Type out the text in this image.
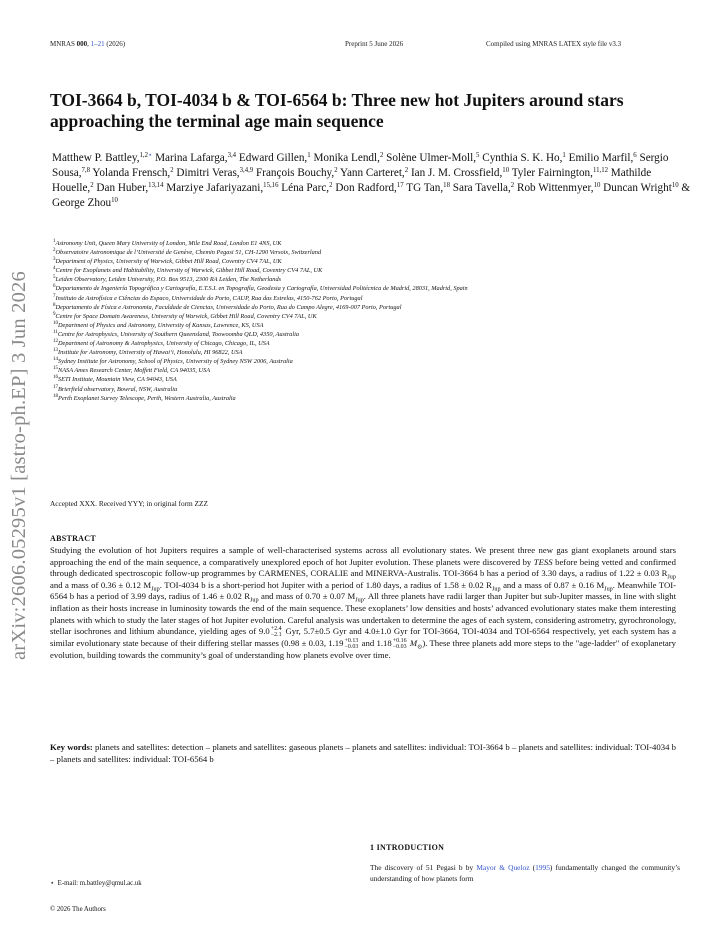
MNRAS 000, 1–21 (2026)	Preprint 5 June 2026	Compiled using MNRAS LATEX style file v3.3
TOI-3664 b, TOI-4034 b & TOI-6564 b: Three new hot Jupiters around stars approaching the terminal age main sequence
Matthew P. Battley,$^{1,2⋆}$ Marina Lafarga,$^{3,4}$ Edward Gillen,$^1$ Monika Lendl,$^2$ Solène Ulmer-Moll,$^5$ Cynthia S. K. Ho,$^1$ Emilio Marfil,$^6$ Sergio Sousa,$^{7,8}$ Yolanda Frensch,$^2$ Dimitri Veras,$^{3,4,9}$ François Bouchy,$^2$ Yann Carteret,$^2$ Ian J. M. Crossfield,$^{10}$ Tyler Fairnington,$^{11,12}$ Mathilde Houelle,$^2$ Dan Huber,$^{13,14}$ Marziye Jafariyazani,$^{15,16}$ Léna Parc,$^2$ Don Radford,$^{17}$ TG Tan,$^{18}$ Sara Tavella,$^2$ Rob Wittenmyer,$^{10}$ Duncan Wright$^{10}$ & George Zhou$^{10}$
$^1$Astronomy Unit, Queen Mary University of London, Mile End Road, London E1 4NS, UK
$^2$Observatoire Astronomique de l’Université de Genève, Chemin Pegasi 51, CH-1290 Versoix, Switzerland
$^3$Department of Physics, University of Warwick, Gibbet Hill Road, Coventry CV4 7AL, UK
$^4$Centre for Exoplanets and Habitability, University of Warwick, Gibbet Hill Road, Coventry CV4 7AL, UK
$^5$Leiden Observatory, Leiden University, P.O. Box 9513, 2300 RA Leiden, The Netherlands
$^6$Departamento de Ingeniería Topográfica y Cartografía, E.T.S.I. en Topografía, Geodesia y Cartografía, Universidad Politécnica de Madrid, 28031, Madrid, Spain
$^7$Instituto de Astrofísica e Ciências do Espaco, Universidade do Porto, CAUP, Rua das Estrelas, 4150-762 Porto, Portugal
$^8$Departamento de Física e Astronomia, Faculdade de Ciencias, Universidade do Porto, Rua do Campo Alegre, 4169-007 Porto, Portugal
$^9$Centre for Space Domain Awareness, University of Warwick, Gibbet Hill Road, Coventry CV4 7AL, UK
$^{10}$Department of Physics and Astronomy, University of Kansas, Lawrence, KS, USA
$^{11}$Centre for Astrophysics, University of Southern Queensland, Toowoomba QLD, 4350, Australia
$^{12}$Department of Astronomy & Astrophysics, University of Chicago, Chicago, IL, USA
$^{13}$Institute for Astronomy, University of Hawai‘i, Honolulu, HI 96822, USA
$^{14}$Sydney Institute for Astronomy, School of Physics, University of Sydney NSW 2006, Australia
$^{15}$NASA Ames Research Center, Moffett Field, CA 94035, USA
$^{16}$SETI Institute, Mountain View, CA 94043, USA
$^{17}$Brierfield observatory, Bowral, NSW, Australia
$^{18}$Perth Exoplanet Survey Telescope, Perth, Western Australia, Australia
arXiv:2606.05295v1 [astro-ph.EP] 3 Jun 2026	Accepted XXX. Received YYY; in original form ZZZ
ABSTRACT
Studying the evolution of hot Jupiters requires a sample of well-characterised systems across all evolutionary states. We present three new gas giant exoplanets around stars approaching the end of the main sequence, a comparatively unexplored epoch of hot Jupiter evolution. These planets were discovered by TESS before being vetted and confirmed through dedicated spectroscopic follow-up programmes by CARMENES, CORALIE and MINERVA-Australis. TOI-3664 b has a period of 3.30 days, a radius of 1.22 ± 0.03 $R_{Jup}$ and a mass of 0.36 ± 0.12 $M_{Jup}$. TOI-4034 b is a short-period hot Jupiter with a period of 1.80 days, a radius of 1.58 ± 0.02 $R_{Jup}$ and a mass of 0.87 ± 0.16 $M_{Jup}$. Meanwhile TOI-6564 b has a period of 3.99 days, radius of 1.46 ± 0.02 $R_{Jup}$ and mass of 0.70 ± 0.07 $M_{Jup}$. All three planets have radii larger than Jupiter but sub-Jupiter masses, in line with slight inflation as their hosts increase in luminosity towards the end of the main sequence. These exoplanets’ low densities and hosts’ advanced evolutionary states make them interesting planets with which to study the later stages of hot Jupiter evolution. Careful analysis was undertaken to determine the ages of each system, considering astrometry, gyrochronology, stellar isochrones and lithium abundance, yielding ages of 9.0 +2.4
−2.1 Gyr, 5.7±0.5 Gyr and 4.0±1.0 Gyr for TOI-3664, TOI-4034 and TOI-6564 respectively, yet each system has a similar evolutionary state because of their differing stellar masses (0.98 ± 0.03, 1.19 +0.13
−0.03 and 1.18 +0.16
−0.03 $M_⊙$). These three planets add more steps to the "age-ladder" of exoplanetary evolution, building towards the community’s goal of understanding how planets evolve over time.
Key words: planets and satellites: detection – planets and satellites: gaseous planets – planets and satellites: individual: TOI-3664 b – planets and satellites: individual: TOI-4034 b – planets and satellites: individual: TOI-6564 b
1 INTRODUCTION
The discovery of 51 Pegasi b by Mayor & Queloz (1995) fundamentally changed the community’s understanding of how planets form
⋆ E-mail: m.battley@qmul.ac.uk
© 2026 The Authors
